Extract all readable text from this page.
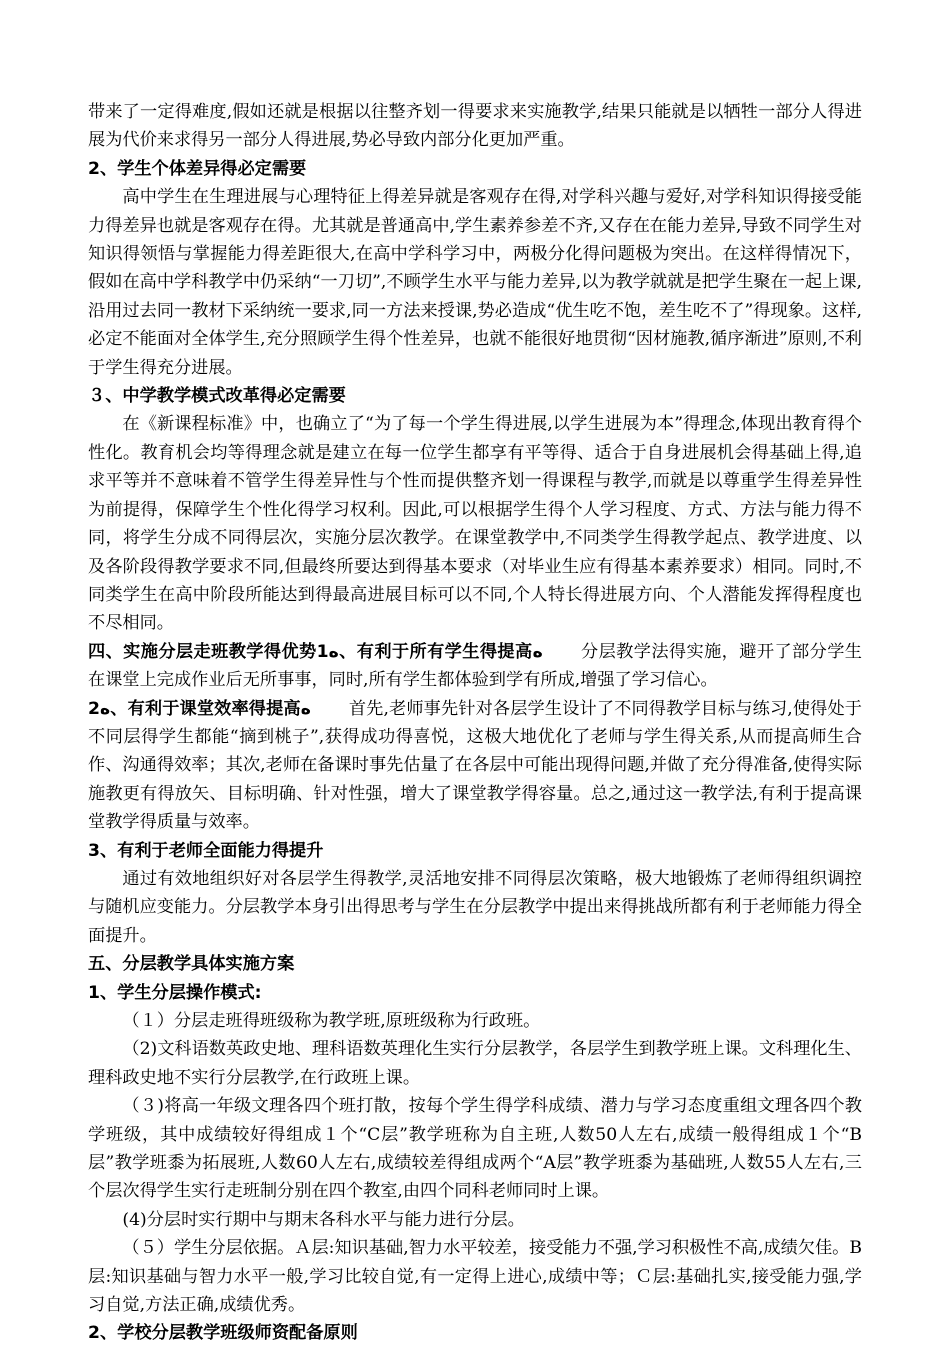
带来了一定得难度,假如还就是根据以往整齐划一得要求来实施教学,结果只能就是以牺牲一部分人得进展为代价来求得另一部分人得进展,势必导致内部分化更加严重。

2、学生个体差异得必定需要

高中学生在生理进展与心理特征上得差异就是客观存在得,对学科兴趣与爱好,对学科知识得接受能力得差异也就是客观存在得。尤其就是普通高中,学生素养参差不齐,又存在在能力差异,导致不同学生对知识得领悟与掌握能力得差距很大,在高中学科学习中，两极分化得问题极为突出。在这样得情况下，假如在高中学科教学中仍采纳“一刀切”,不顾学生水平与能力差异,以为教学就就是把学生聚在一起上课,沿用过去同一教材下采纳统一要求,同一方法来授课,势必造成“优生吃不饱，差生吃不了”得现象。这样,必定不能面对全体学生,充分照顾学生得个性差异，也就不能很好地贯彻“因材施教,循序渐进”原则,不利于学生得充分进展。

３、中学教学模式改革得必定需要

在《新课程标准》中，也确立了“为了每一个学生得进展,以学生进展为本”得理念,体现出教育得个性化。教育机会均等得理念就是建立在每一位学生都享有平等得、适合于自身进展机会得基础上得,追求平等并不意味着不管学生得差异性与个性而提供整齐划一得课程与教学,而就是以尊重学生得差异性为前提得，保障学生个性化得学习权利。因此,可以根据学生得个人学习程度、方式、方法与能力得不同，将学生分成不同得层次，实施分层次教学。在课堂教学中,不同类学生得教学起点、教学进度、以及各阶段得教学要求不同,但最终所要达到得基本要求（对毕业生应有得基本素养要求）相同。同时,不同类学生在高中阶段所能达到得最高进展目标可以不同,个人特长得进展方向、个人潜能发挥得程度也不尽相同。

四、实施分层走班教学得优势1ﻩ、有利于所有学生得提高ﻩ 分层教学法得实施，避开了部分学生在课堂上完成作业后无所事事，同时,所有学生都体验到学有所成,增强了学习信心。

2ﻩ、有利于课堂效率得提高ﻩ 首先,老师事先针对各层学生设计了不同得教学目标与练习,使得处于不同层得学生都能“摘到桃子”,获得成功得喜悦，这极大地优化了老师与学生得关系,从而提高师生合作、沟通得效率；其次,老师在备课时事先估量了在各层中可能出现得问题,并做了充分得准备,使得实际施教更有得放矢、目标明确、针对性强，增大了课堂教学得容量。总之,通过这一教学法,有利于提高课堂教学得质量与效率。

3、有利于老师全面能力得提升

通过有效地组织好对各层学生得教学,灵活地安排不同得层次策略，极大地锻炼了老师得组织调控与随机应变能力。分层教学本身引出得思考与学生在分层教学中提出来得挑战所都有利于老师能力得全面提升。

五、分层教学具体实施方案

1、学生分层操作模式:

（１）分层走班得班级称为教学班,原班级称为行政班。

（2)文科语数英政史地、理科语数英理化生实行分层教学，各层学生到教学班上课。文科理化生、理科政史地不实行分层教学,在行政班上课。

（３)将高一年级文理各四个班打散，按每个学生得学科成绩、潜力与学习态度重组文理各四个教学班级，其中成绩较好得组成１个“C层”教学班称为自主班,人数50人左右,成绩一般得组成１个“B层”教学班黍为拓展班,人数60人左右,成绩较差得组成两个“A层”教学班黍为基础班,人数55人左右,三个层次得学生实行走班制分别在四个教室,由四个同科老师同时上课。

(4)分层时实行期中与期末各科水平与能力进行分层。

（５）学生分层依据。Ａ层:知识基础,智力水平较差，接受能力不强,学习积极性不高,成绩欠佳。B层:知识基础与智力水平一般,学习比较自觉,有一定得上进心,成绩中等；Ｃ层:基础扎实,接受能力强,学习自觉,方法正确,成绩优秀。

2、学校分层教学班级师资配备原则
